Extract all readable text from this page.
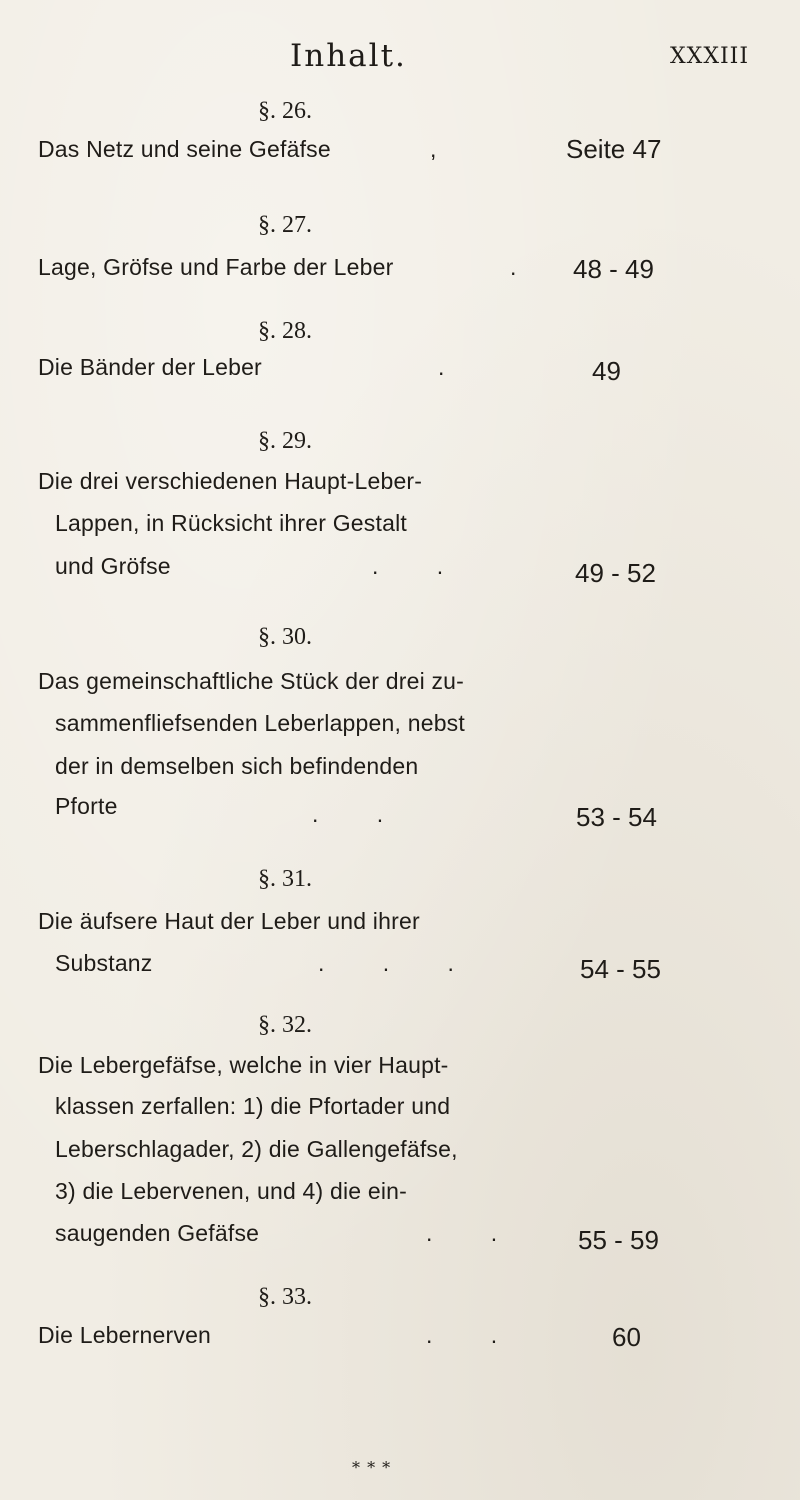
Inhalt.	XXXIII
§. 26.
Das Netz und seine Gefäfse	,	Seite 47
§. 27.
Lage, Gröfse und Farbe der Leber	. 48 - 49
§. 28.
Die Bänder der Leber	.	49
§. 29.
Die drei verschiedenen Haupt-Leber-
Lappen, in Rücksicht ihrer Gestalt
und Gröfse	. .	49 - 52
§. 30.
Das gemeinschaftliche Stück der drei zu-
sammenfliefsenden Leberlappen, nebst
der in demselben sich befindenden
Pforte	. .	53 - 54
§. 31.
Die äufsere Haut der Leber und ihrer
Substanz	. . .	54 - 55
§. 32.
Die Lebergefäfse, welche in vier Haupt-
klassen zerfallen: 1) die Pfortader und
Leberschlagader, 2) die Gallengefäfse,
3) die Lebervenen, und 4) die ein-
saugenden Gefäfse	. . 55 - 59
§. 33.
Die Lebernerven	. .	60
* * *
